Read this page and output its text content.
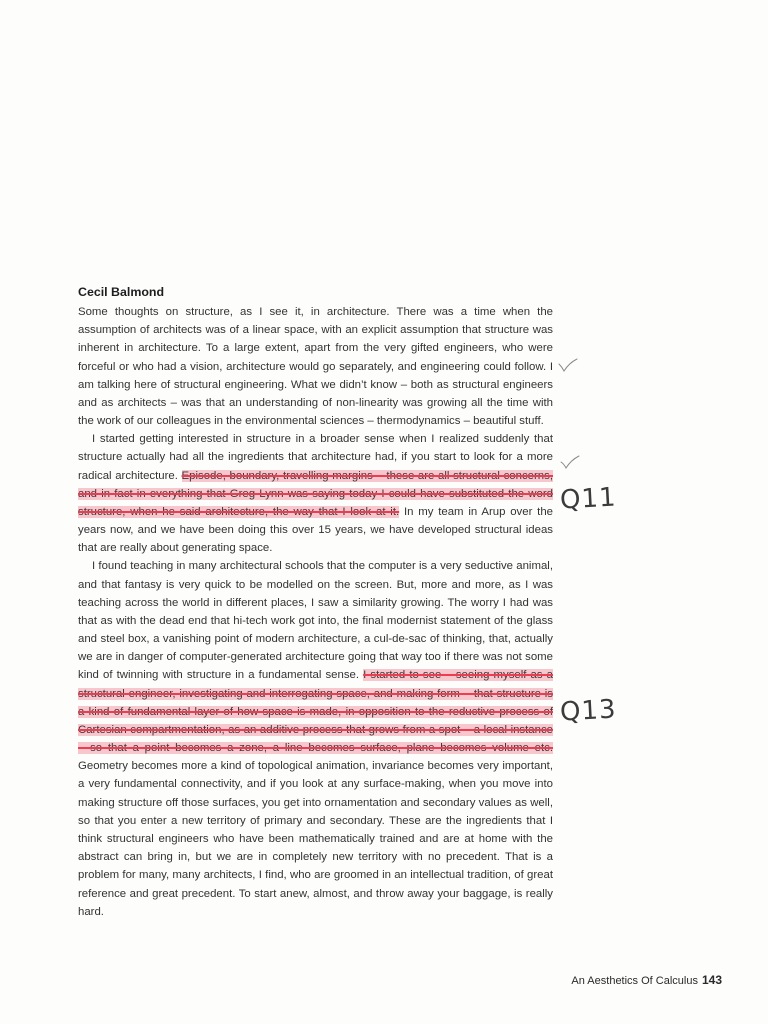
Cecil Balmond

Some thoughts on structure, as I see it, in architecture. There was a time when the assumption of architects was of a linear space, with an explicit assumption that structure was inherent in architecture. To a large extent, apart from the very gifted engineers, who were forceful or who had a vision, architecture would go separately, and engineering could follow. I am talking here of structural engineering. What we didn’t know – both as structural engineers and as architects – was that an understanding of non-linearity was growing all the time with the work of our colleagues in the environmental sciences – thermodynamics – beautiful stuff.

I started getting interested in structure in a broader sense when I realized suddenly that structure actually had all the ingredients that architecture had, if you start to look for a more radical architecture. Episode, boundary, travelling margins – these are all structural concerns, and in fact in everything that Greg Lynn was saying today I could have substituted the word structure, when he said architecture, the way that I look at it. In my team in Arup over the years now, and we have been doing this over 15 years, we have developed structural ideas that are really about generating space.

I found teaching in many architectural schools that the computer is a very seductive animal, and that fantasy is very quick to be modelled on the screen. But, more and more, as I was teaching across the world in different places, I saw a similarity growing. The worry I had was that as with the dead end that hi-tech work got into, the final modernist statement of the glass and steel box, a vanishing point of modern architecture, a cul-de-sac of thinking, that, actually we are in danger of computer-generated architecture going that way too if there was not some kind of twinning with structure in a fundamental sense. I started to see – seeing myself as a structural engineer, investigating and interrogating space, and making form – that structure is a kind of fundamental layer of how space is made, in opposition to the reductive process of Cartesian compartmentation, as an additive process that grows from a spot – a local instance – so that a point becomes a zone, a line becomes surface, plane becomes volume etc. Geometry becomes more a kind of topological animation, invariance becomes very important, a very fundamental connectivity, and if you look at any surface-making, when you move into making structure off those surfaces, you get into ornamentation and secondary values as well, so that you enter a new territory of primary and secondary. These are the ingredients that I think structural engineers who have been mathematically trained and are at home with the abstract can bring in, but we are in completely new territory with no precedent. That is a problem for many, many architects, I find, who are groomed in an intellectual tradition, of great reference and great precedent. To start anew, almost, and throw away your baggage, is really hard.

Q11
Q13
An Aesthetics Of Calculus 143
